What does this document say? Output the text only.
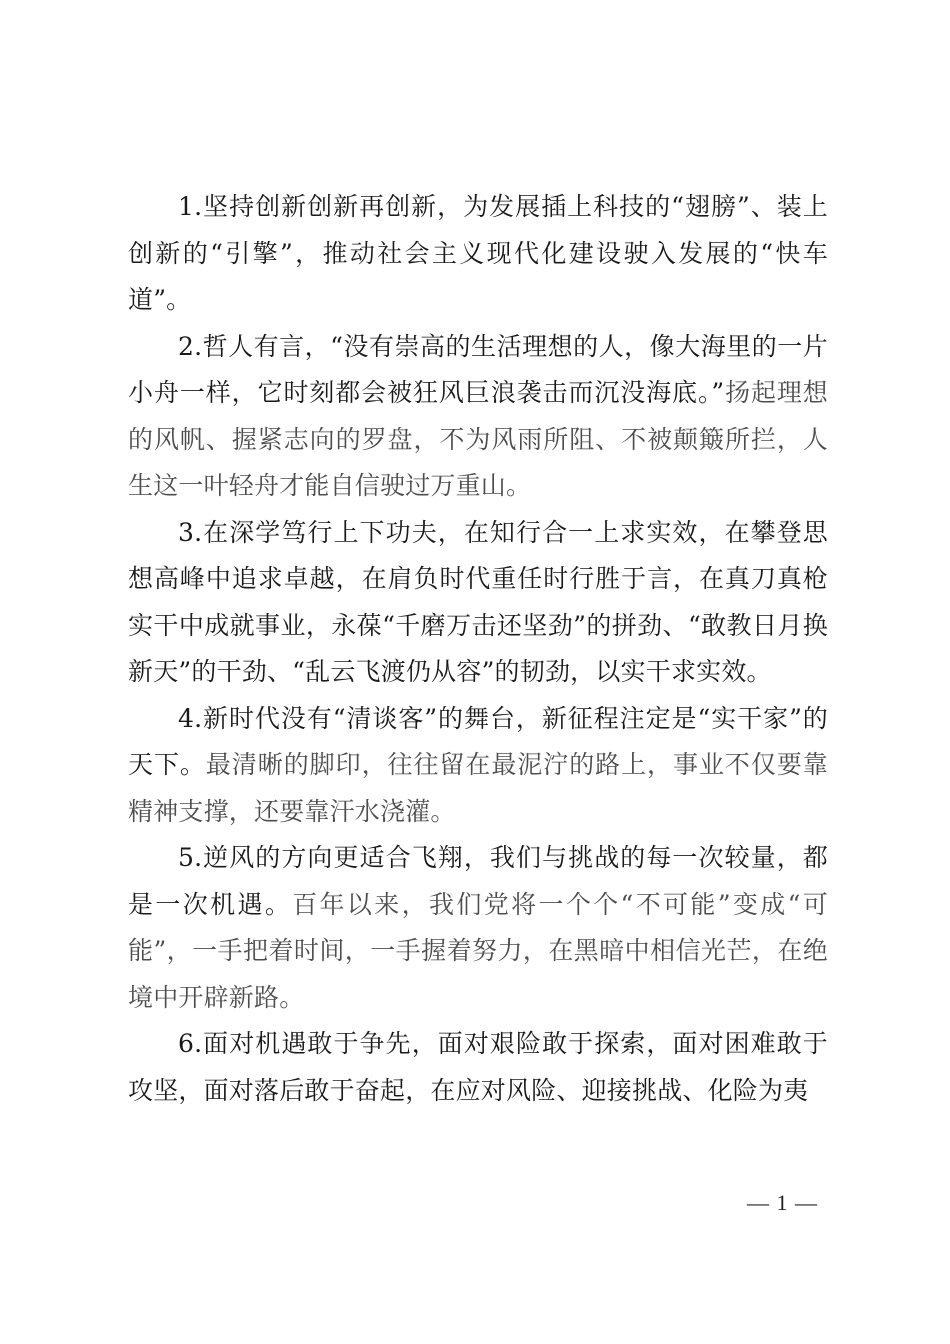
1.坚持创新创新再创新，为发展插上科技的“翅膀”、装上创新的“引擎”，推动社会主义现代化建设驶入发展的“快车道”。

2.哲人有言，“没有崇高的生活理想的人，像大海里的一片小舟一样，它时刻都会被狂风巨浪袭击而沉没海底。”扬起理想的风帆、握紧志向的罗盘，不为风雨所阻、不被颠簸所拦，人生这一叶轻舟才能自信驶过万重山。

3.在深学笃行上下功夫，在知行合一上求实效，在攀登思想高峰中追求卓越，在肩负时代重任时行胜于言，在真刀真枪实干中成就事业，永葆“千磨万击还坚劲”的拼劲、“敢教日月换新天”的干劲、“乱云飞渡仍从容”的韧劲，以实干求实效。

4.新时代没有“清谈客”的舞台，新征程注定是“实干家”的天下。最清晰的脚印，往往留在最泥泞的路上，事业不仅要靠精神支撑，还要靠汗水浇灌。

5.逆风的方向更适合飞翔，我们与挑战的每一次较量，都是一次机遇。百年以来，我们党将一个个“不可能”变成“可能”，一手把着时间，一手握着努力，在黑暗中相信光芒，在绝境中开辟新路。

6.面对机遇敢于争先，面对艰险敢于探索，面对困难敢于攻坚，面对落后敢于奋起，在应对风险、迎接挑战、化险为夷

— 1 —
